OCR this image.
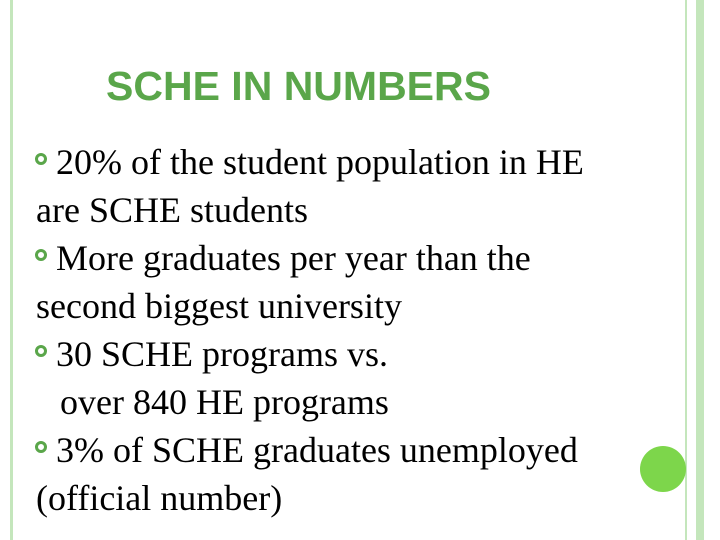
SCHE IN NUMBERS
20% of the student population in HE
are SCHE students
More graduates per year than the
second biggest university
30 SCHE programs vs.
over 840 HE programs
3% of SCHE graduates unemployed
(official number)
